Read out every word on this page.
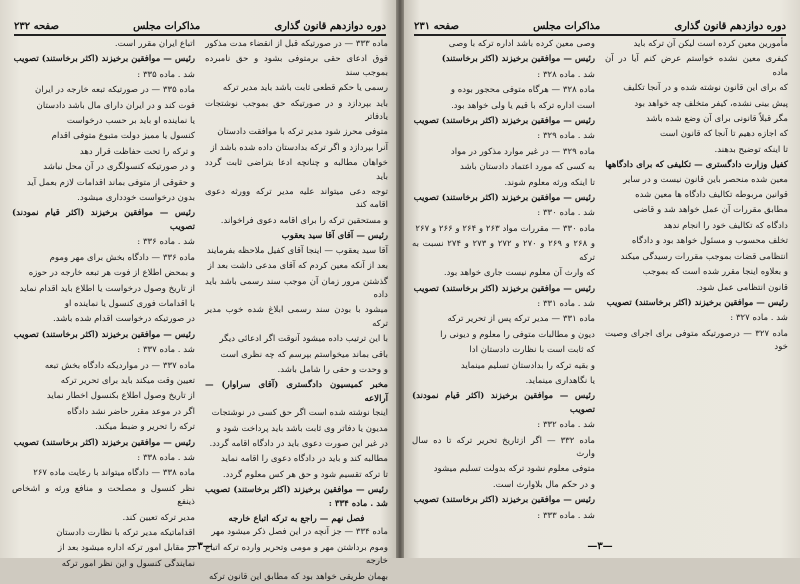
دوره دوازدهم قانون گذاری
مذاکرات مجلس
صفحه ۲۳۲

ماده ۳۳۳ — در صورتیکه قبل از انقضاء مدت مذکور

فوق ادعای حقی برمتوفی بشود و حق نامبرده بموجب سند

رسمی یا حکم قطعی ثابت باشد باید مدیر ترکه

باید بپردازد و در صورتیکه حق بموجب نوشتجات یادفاتر

متوفی محرز شود مدیر ترکه با موافقت دادستان

آنرا بپردازد و اگر ترکه بدادستان داده شده باشد از

خواهان مطالبه و چنانچه ادعا بتراضی ثابت گردد باید

توجه دعی میتواند علیه مدیر ترکه وورثه دعوی اقامه کند

و مستحقین ترکه را برای اقامه دعوی فراخواند.

رئیس — آقای آقا سید یعقوب

آقا سید یعقوب — اینجا آقای کفیل ملاحظه بفرمایند

بعد از آنکه معین کردم که آقای مدعی داشت بعد از

گذشتن مرور زمان آن موجب سند رسمی باشد باید داده

میشود با بودن سند رسمی ابلاغ شده خوب مدیر ترکه

با این ترتیب داده میشود آنوقت اگر ادعائی دیگر

باقی بماند میخواستم بپرسم که چه نظری است

و وحدت و حقی را شامل باشد.

مخبر کمیسیون دادگستری (آقای سراوار) — آرالاعه

اینجا نوشته شده است اگر حق کسی در نوشتجات

مدیون یا دفاتر وی ثابت باشد باید پرداخت شود و

در غیر این صورت دعوی باید در دادگاه اقامه گردد.

مطالبه کند و باید در دادگاه دعوی را اقامه نماید

تا ترکه تقسیم شود و حق هر کس معلوم گردد.

رئیس — موافقین برخیزند (اکثر برخاستند) تصویب شد . ماده ۳۳۴ :

فصل نهم — راجع به ترکه اتباع خارجه

ماده ۳۳۴ — جز آنچه در این فصل ذکر میشود مهر

وموم برداشتن مهر و مومی وتحریر وارده ترکه اتباع خارجه

بهمان طریقی خواهد بود که مطابق این قانون ترکه

اتباع ایران مقرر است.

رئیس — موافقین برخیزند (اکثر برخاستند) تصویب

شد . ماده ۳۳۵ :

ماده ۳۳۵ — در صورتیکه تبعه خارجه در ایران

فوت کند و در ایران دارای مال باشد دادستان

یا نماینده او باید بر حسب درخواست

کنسول یا ممیز دولت متبوع متوفی اقدام

و ترکه را تحت حفاظت قرار دهد

و در صورتیکه کنسولگری در آن محل نباشد

و حقوقی از متوفی بماند اقدامات لازم بعمل آید

بدون درخواست خودداری میشود.

رئیس — موافقین برخیزند (اکثر قیام نمودند) تصویب

شد . ماده ۳۳۶ :

ماده ۳۳۶ — دادگاه بخش برای مهر وموم

و بمحض اطلاع از فوت هر تبعه خارجه در حوزه

از تاریخ وصول درخواست یا اطلاع باید اقدام نماید

با اقدامات فوری کنسول یا نماینده او

در صورتیکه درخواست اقدام شده باشد.

رئیس — موافقین برخیزند (اکثر برخاستند) تصویب

شد . ماده ۳۳۷ :

ماده ۳۳۷ — در مواردیکه دادگاه بخش تبعه

تعیین وقت میکند باید برای تحریر ترکه

از تاریخ وصول اطلاع بکنسول اخطار نماید

اگر در موعد مقرر حاضر نشد دادگاه

ترکه را تحریر و ضبط میکند.

رئیس — موافقین برخیزند (اکثر برخاستند) تصویب

شد . ماده ۳۳۸ :

ماده ۳۳۸ — دادگاه میتواند با رعایت ماده ۲۶۷

نظر کنسول و مصلحت و منافع ورثه و اشخاص ذینفع

مدیر ترکه تعیین کند.

اقداماتیکه مدیر ترکه با نظارت دادستان

در مقابل امور ترکه اداره میشود بعد از

نمایندگی کنسول و این نظر امور ترکه

—۳—
دوره دوازدهم قانون گذاری
مذاکرات مجلس
صفحه ۲۳۱

مأمورین معین کرده است لیکن آن ترکه باید

کیفری معین نشده خواستم عرض کنم آیا در آن ماده

که برای این قانون نوشته شده و در آنجا تکلیف

پیش بینی نشده، کیفر متخلف چه خواهد بود

مگر قبلاً قانونی برای آن وضع شده باشد

که اجازه دهیم تا آنجا که قانون است

تا اینکه توضیح بدهند.

کفیل وزارت دادگستری — تکلیفی که برای دادگاهها

معین شده منحصر باین قانون نیست و در سایر

قوانین مربوطه تکالیف دادگاه ها معین شده

مطابق مقررات آن عمل خواهد شد و قاضی

دادگاه که تکالیف خود را انجام ندهد

تخلف محسوب و مسئول خواهد بود و دادگاه

انتظامی قضات بموجب مقررات رسیدگی میکند

و بعلاوه اینجا مقرر شده است که بموجب

قانون انتظامی عمل شود.

رئیس — موافقین برخیزند (اکثر برخاستند) تصویب

شد . ماده ۳۲۷ :

ماده ۳۲۷ — درصورتیکه متوفی برای اجرای وصیت خود

وصی معین کرده باشد اداره ترکه با وصی

رئیس — موافقین برخیزند (اکثر برخاستند)

شد . ماده ۳۲۸ :

ماده ۳۲۸ — هرگاه متوفی محجور بوده و

است اداره ترکه با قیم یا ولی خواهد بود.

رئیس — موافقین برخیزند (اکثر برخاستند) تصویب

شد . ماده ۳۲۹ :

ماده ۳۲۹ — در غیر موارد مذکور در مواد

به کسی که مورد اعتماد دادستان باشد

تا اینکه ورثه معلوم شوند.

رئیس — موافقین برخیزند (اکثر برخاستند) تصویب

شد . ماده ۳۳۰ :

ماده ۳۳۰ — مقررات مواد ۲۶۳ و ۲۶۴ و ۲۶۶ و ۲۶۷

و ۲۶۸ و ۲۶۹ و ۲۷۰ و ۲۷۲ و ۲۷۳ و ۲۷۴ نسبت به ترکه

که وارث آن معلوم نیست جاری خواهد بود.

رئیس — موافقین برخیزند (اکثر برخاستند) تصویب

شد . ماده ۳۳۱ :

ماده ۳۳۱ — مدیر ترکه پس از تحریر ترکه

دیون و مطالبات متوفی را معلوم و دیونی را

که ثابت است با نظارت دادستان ادا

و بقیه ترکه را بدادستان تسلیم مینماید

یا نگاهداری مینماید.

رئیس — موافقین برخیزند (اکثر قیام نمودند) تصویب

شد . ماده ۳۳۲ :

ماده ۳۳۲ — اگر ازتاریخ تحریر ترکه تا ده سال وارث

متوفی معلوم نشود ترکه بدولت تسلیم میشود

و در حکم مال بلاوارث است.

رئیس — موافقین برخیزند (اکثر برخاستند) تصویب

شد . ماده ۳۳۳ :

—۳—
